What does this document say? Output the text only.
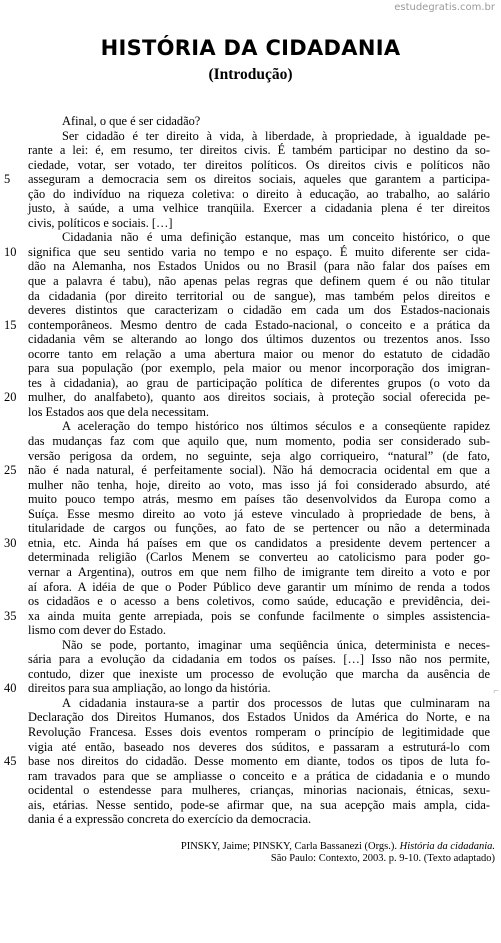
estudegratis.com.br
HISTÓRIA DA CIDADANIA
(Introdução)
Afinal, o que é ser cidadão?
Ser cidadão é ter direito à vida, à liberdade, à propriedade, à igualdade pe-
rante a lei: é, em resumo, ter direitos civis. É também participar no destino da so-
ciedade, votar, ser votado, ter direitos políticos. Os direitos civis e políticos não
5	asseguram a democracia sem os direitos sociais, aqueles que garantem a participa-
ção do indivíduo na riqueza coletiva: o direito à educação, ao trabalho, ao salário
justo, à saúde, a uma velhice tranqüila. Exercer a cidadania plena é ter direitos
civis, políticos e sociais. […]
Cidadania não é uma definição estanque, mas um conceito histórico, o que
10 significa que seu sentido varia no tempo e no espaço. É muito diferente ser cida-
dão na Alemanha, nos Estados Unidos ou no Brasil (para não falar dos países em
que a palavra é tabu), não apenas pelas regras que definem quem é ou não titular
da cidadania (por direito territorial ou de sangue), mas também pelos direitos e
deveres distintos que caracterizam o cidadão em cada um dos Estados-nacionais
15 contemporâneos. Mesmo dentro de cada Estado-nacional, o conceito e a prática da
cidadania vêm se alterando ao longo dos últimos duzentos ou trezentos anos. Isso
ocorre tanto em relação a uma abertura maior ou menor do estatuto de cidadão
para sua população (por exemplo, pela maior ou menor incorporação dos imigran-
tes à cidadania), ao grau de participação política de diferentes grupos (o voto da
20 mulher, do analfabeto), quanto aos direitos sociais, à proteção social oferecida pe-
los Estados aos que dela necessitam.
A aceleração do tempo histórico nos últimos séculos e a conseqüente rapidez
das mudanças faz com que aquilo que, num momento, podia ser considerado sub-
versão perigosa da ordem, no seguinte, seja algo corriqueiro, “natural” (de fato,
25 não é nada natural, é perfeitamente social). Não há democracia ocidental em que a
mulher não tenha, hoje, direito ao voto, mas isso já foi considerado absurdo, até
muito pouco tempo atrás, mesmo em países tão desenvolvidos da Europa como a
Suíça. Esse mesmo direito ao voto já esteve vinculado à propriedade de bens, à
titularidade de cargos ou funções, ao fato de se pertencer ou não a determinada
30 etnia, etc. Ainda há países em que os candidatos a presidente devem pertencer a
determinada religião (Carlos Menem se converteu ao catolicismo para poder go-
vernar a Argentina), outros em que nem filho de imigrante tem direito a voto e por
aí afora. A idéia de que o Poder Público deve garantir um mínimo de renda a todos
os cidadãos e o acesso a bens coletivos, como saúde, educação e previdência, dei-
35 xa ainda muita gente arrepiada, pois se confunde facilmente o simples assistencia-
lismo com dever do Estado.
Não se pode, portanto, imaginar uma seqüência única, determinista e neces-
sária para a evolução da cidadania em todos os países. […] Isso não nos permite,
contudo, dizer que inexiste um processo de evolução que marcha da ausência de
40 direitos para sua ampliação, ao longo da história.
A cidadania instaura-se a partir dos processos de lutas que culminaram na
Declaração dos Direitos Humanos, dos Estados Unidos da América do Norte, e na
Revolução Francesa. Esses dois eventos romperam o princípio de legitimidade que
vigia até então, baseado nos deveres dos súditos, e passaram a estruturá-lo com
45 base nos direitos do cidadão. Desse momento em diante, todos os tipos de luta fo-
ram travados para que se ampliasse o conceito e a prática de cidadania e o mundo
ocidental o estendesse para mulheres, crianças, minorias nacionais, étnicas, sexu-
ais, etárias. Nesse sentido, pode-se afirmar que, na sua acepção mais ampla, cida-
dania é a expressão concreta do exercício da democracia.
PINSKY, Jaime; PINSKY, Carla Bassanezi (Orgs.). História da cidadania.
São Paulo: Contexto, 2003. p. 9-10. (Texto adaptado)
⌐
